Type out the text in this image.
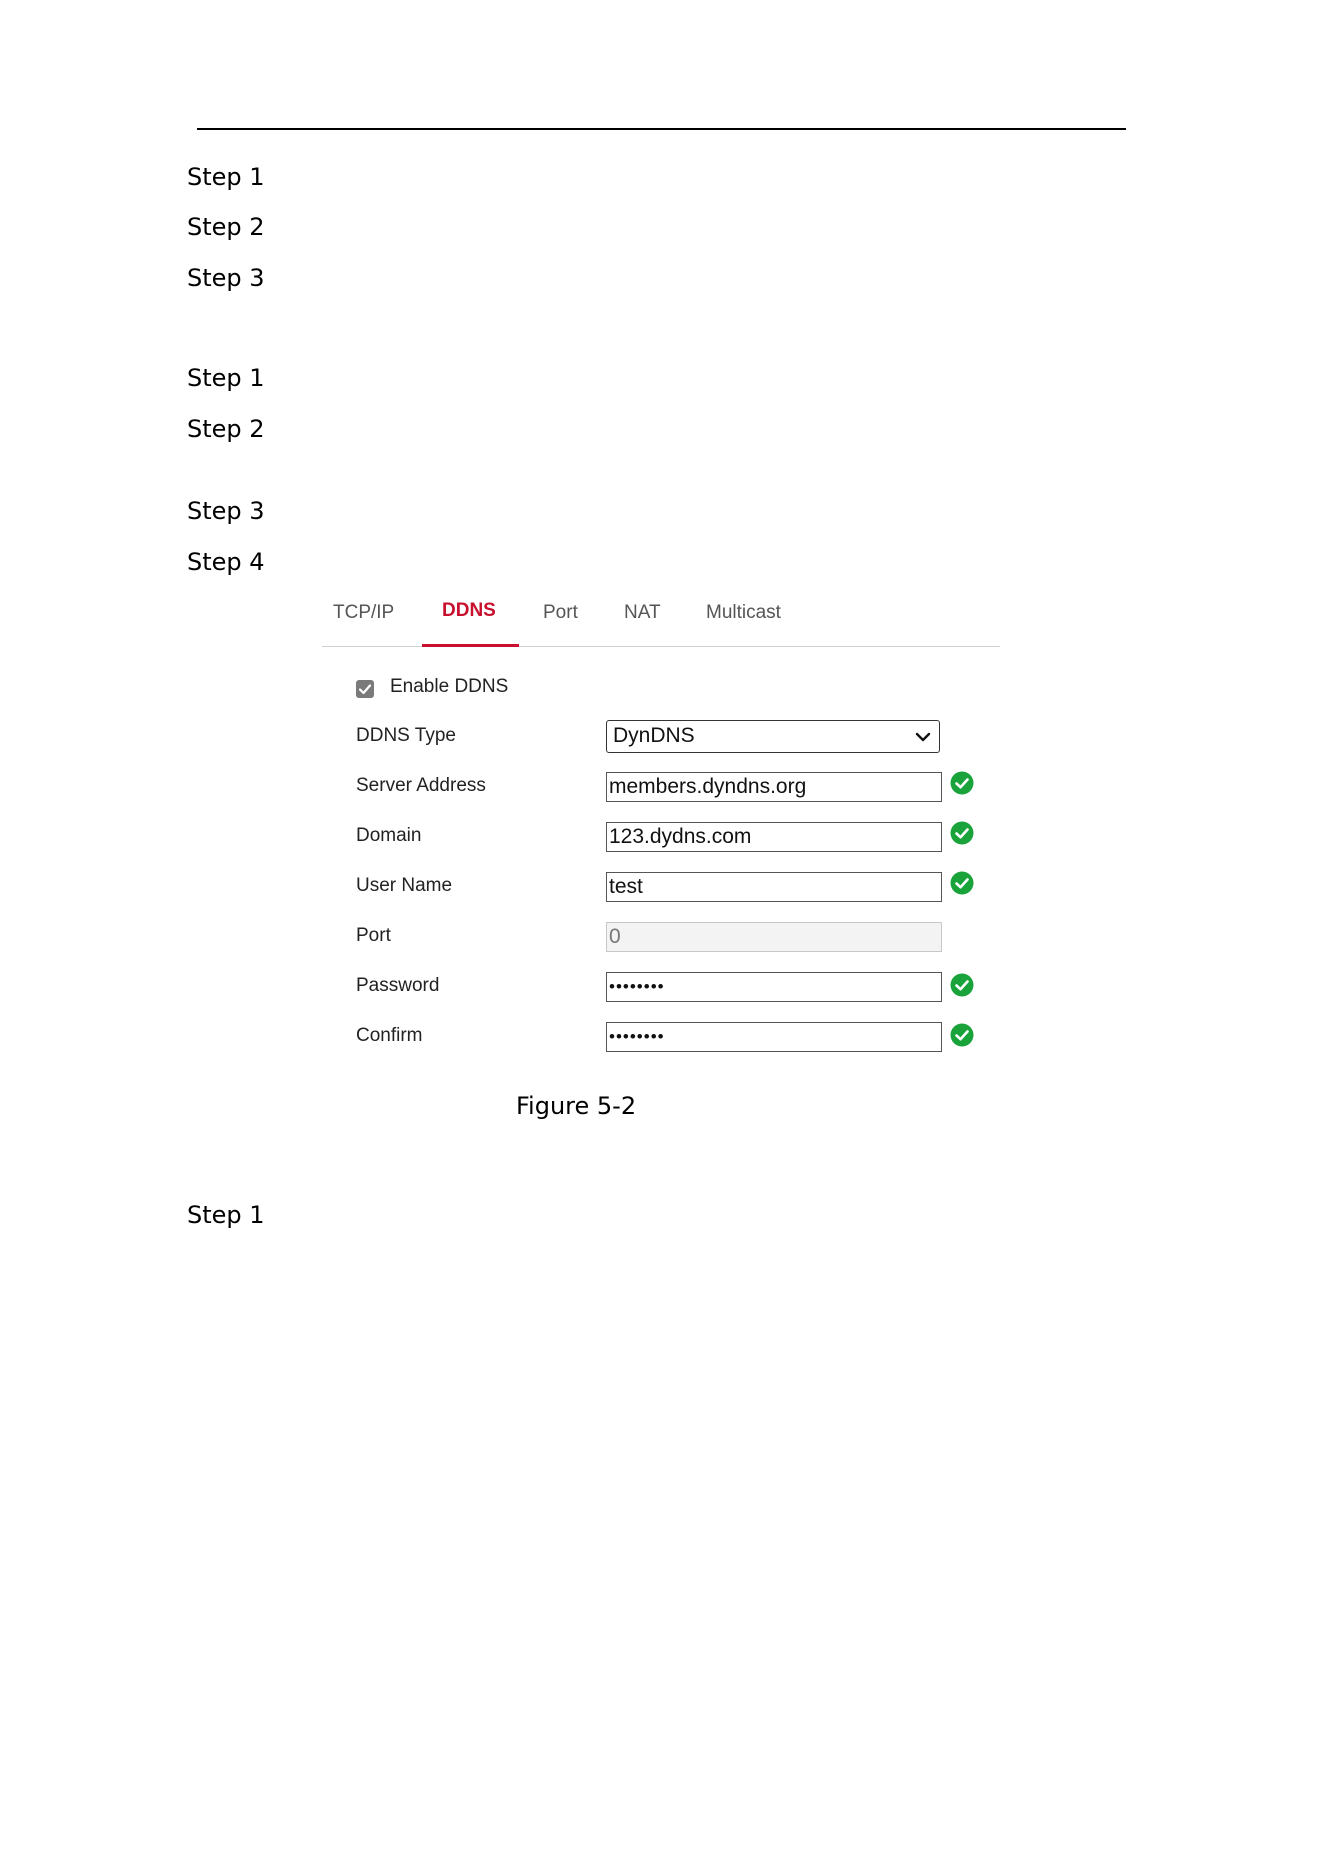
Step 1
Step 2
Step 3
Step 1
Step 2
Step 3
Step 4
TCP/IP	DDNS Port NAT Multicast
Enable DDNS
DDNS Type	DynDNS
Server Address	members.dyndns.org
Domain	123.dydns.com
User Name	test
Port	0
Password	••••••••
Confirm	••••••••
Figure 5-2
Step 1
